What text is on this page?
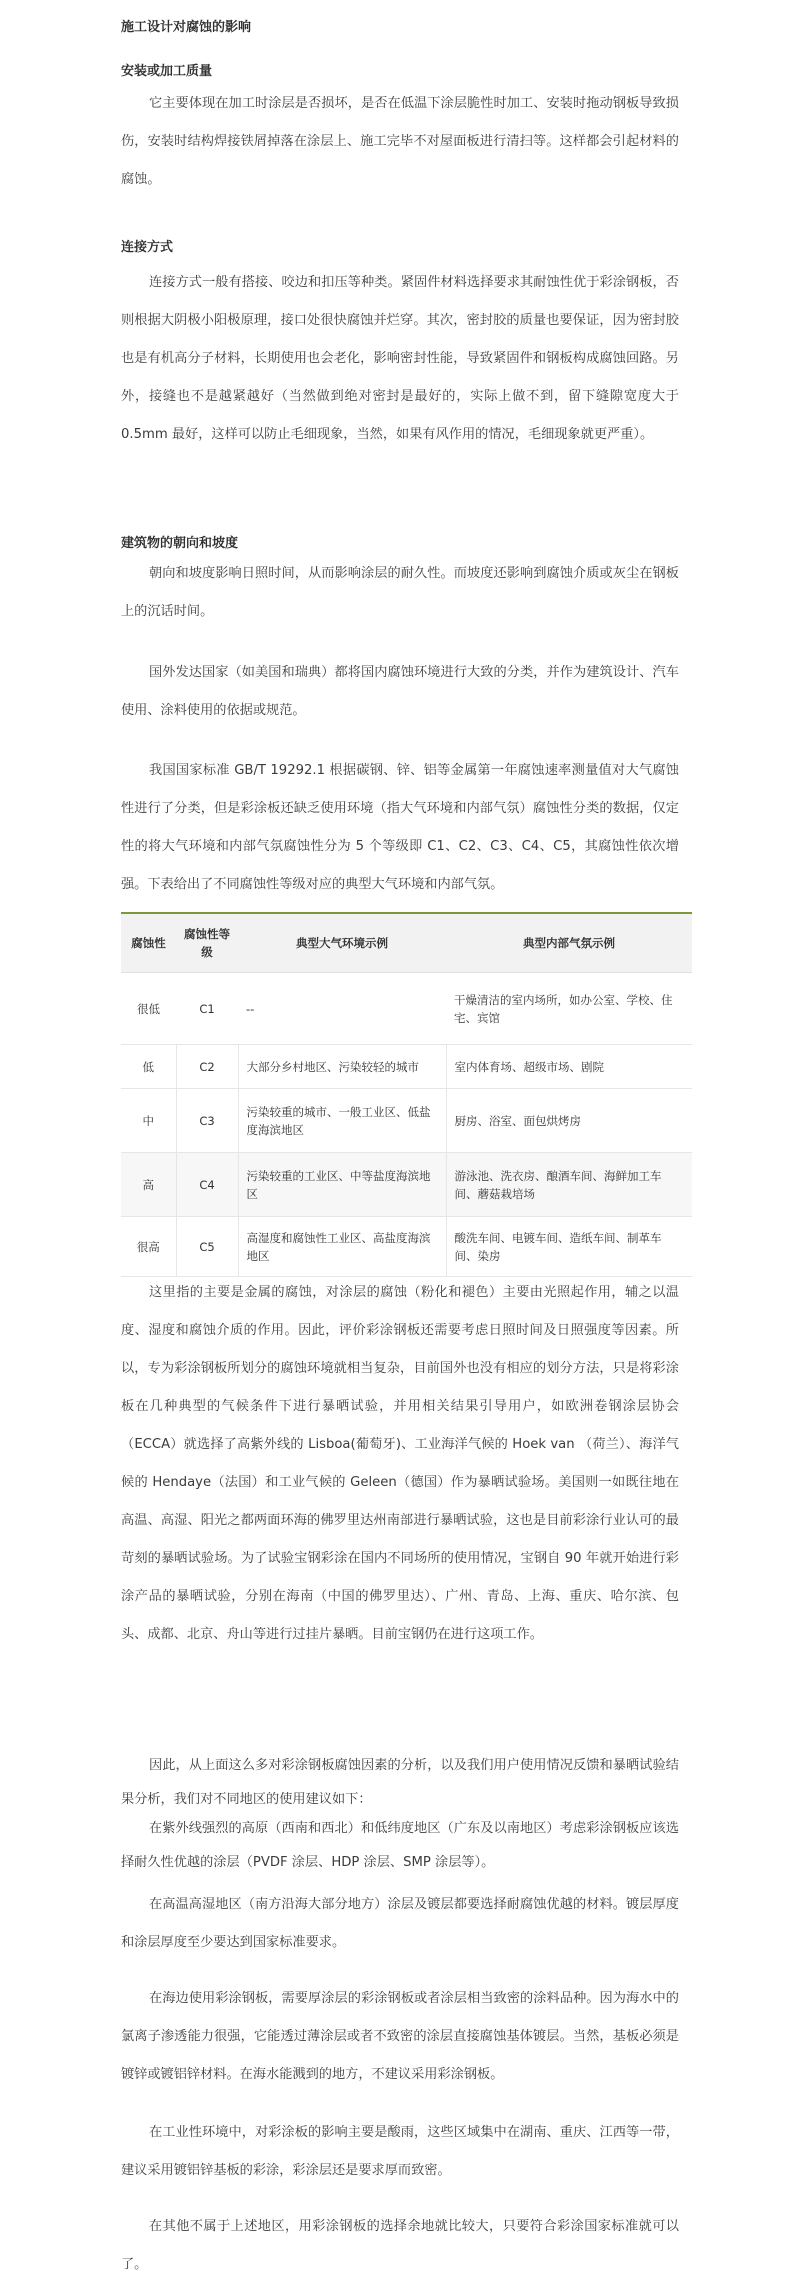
施工设计对腐蚀的影响
安装或加工质量

它主要体现在加工时涂层是否损坏，是否在低温下涂层脆性时加工、安装时拖动钢板导致损伤，安装时结构焊接铁屑掉落在涂层上、施工完毕不对屋面板进行清扫等。这样都会引起材料的腐蚀。

连接方式

连接方式一般有搭接、咬边和扣压等种类。紧固件材料选择要求其耐蚀性优于彩涂钢板，否则根据大阴极小阳极原理，接口处很快腐蚀并烂穿。其次，密封胶的质量也要保证，因为密封胶也是有机高分子材料，长期使用也会老化，影响密封性能，导致紧固件和钢板构成腐蚀回路。另外，接缝也不是越紧越好（当然做到绝对密封是最好的，实际上做不到，留下缝隙宽度大于 0.5mm 最好，这样可以防止毛细现象，当然，如果有风作用的情况，毛细现象就更严重）。

建筑物的朝向和坡度

朝向和坡度影响日照时间，从而影响涂层的耐久性。而坡度还影响到腐蚀介质或灰尘在钢板上的沉话时间。

国外发达国家（如美国和瑞典）都将国内腐蚀环境进行大致的分类，并作为建筑设计、汽车使用、涂料使用的依据或规范。

我国国家标准 GB/T 19292.1 根据碳钢、锌、铝等金属第一年腐蚀速率测量值对大气腐蚀性进行了分类，但是彩涂板还缺乏使用环境（指大气环境和内部气氛）腐蚀性分类的数据，仅定性的将大气环境和内部气氛腐蚀性分为 5 个等级即 C1、C2、C3、C4、C5，其腐蚀性依次增强。下表给出了不同腐蚀性等级对应的典型大气环境和内部气氛。

腐蚀性	腐蚀性等级	典型大气环境示例	典型内部气氛示例
很低	C1	--	干燥清洁的室内场所，如办公室、学校、住宅、宾馆
低	C2	大部分乡村地区、污染较轻的城市	室内体育场、超级市场、剧院
中	C3	污染较重的城市、一般工业区、低盐度海滨地区	厨房、浴室、面包烘烤房
高	C4	污染较重的工业区、中等盐度海滨地区	游泳池、洗衣房、酿酒车间、海鲜加工车间、蘑菇栽培场
很高	C5	高湿度和腐蚀性工业区、高盐度海滨地区	酸洗车间、电镀车间、造纸车间、制革车间、染房

这里指的主要是金属的腐蚀，对涂层的腐蚀（粉化和褪色）主要由光照起作用，辅之以温度、湿度和腐蚀介质的作用。因此，评价彩涂钢板还需要考虑日照时间及日照强度等因素。所以，专为彩涂钢板所划分的腐蚀环境就相当复杂，目前国外也没有相应的划分方法，只是将彩涂板在几种典型的气候条件下进行暴晒试验，并用相关结果引导用户，如欧洲卷钢涂层协会（ECCA）就选择了高紫外线的 Lisboa(葡萄牙)、工业海洋气候的 Hoek van （荷兰）、海洋气候的 Hendaye（法国）和工业气候的 Geleen（德国）作为暴晒试验场。美国则一如既往地在高温、高湿、阳光之都两面环海的佛罗里达州南部进行暴晒试验，这也是目前彩涂行业认可的最苛刻的暴晒试验场。为了试验宝钢彩涂在国内不同场所的使用情况，宝钢自 90 年就开始进行彩涂产品的暴晒试验，分别在海南（中国的佛罗里达）、广州、青岛、上海、重庆、哈尔滨、包头、成都、北京、舟山等进行过挂片暴晒。目前宝钢仍在进行这项工作。

因此，从上面这么多对彩涂钢板腐蚀因素的分析，以及我们用户使用情况反馈和暴晒试验结果分析，我们对不同地区的使用建议如下：

在紫外线强烈的高原（西南和西北）和低纬度地区（广东及以南地区）考虑彩涂钢板应该选择耐久性优越的涂层（PVDF 涂层、HDP 涂层、SMP 涂层等）。

在高温高湿地区（南方沿海大部分地方）涂层及镀层都要选择耐腐蚀优越的材料。镀层厚度和涂层厚度至少要达到国家标准要求。

在海边使用彩涂钢板，需要厚涂层的彩涂钢板或者涂层相当致密的涂料品种。因为海水中的氯离子渗透能力很强，它能透过薄涂层或者不致密的涂层直接腐蚀基体镀层。当然，基板必须是镀锌或镀铝锌材料。在海水能溅到的地方，不建议采用彩涂钢板。

在工业性环境中，对彩涂板的影响主要是酸雨，这些区域集中在湖南、重庆、江西等一带，建议采用镀铝锌基板的彩涂，彩涂层还是要求厚而致密。

在其他不属于上述地区，用彩涂钢板的选择余地就比较大，只要符合彩涂国家标准就可以了。
